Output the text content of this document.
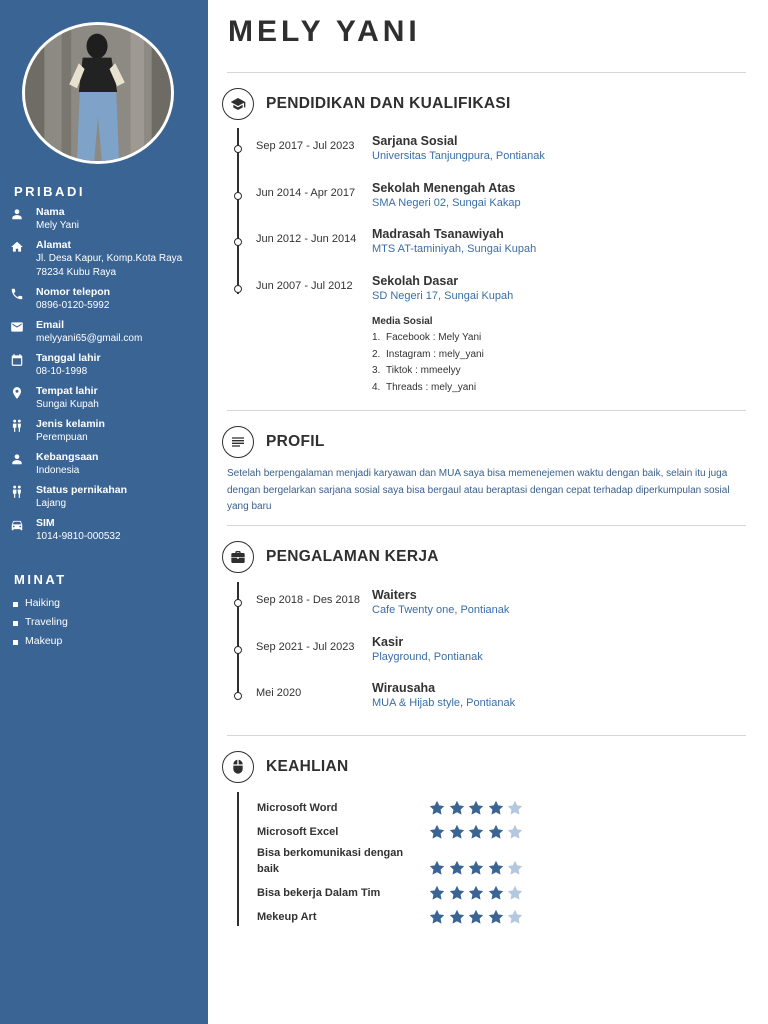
PRIBADI
Nama
Mely Yani
Alamat
Jl. Desa Kapur, Komp.Kota Raya 78234 Kubu Raya
Nomor telepon
0896-0120-5992
Email
melyyani65@gmail.com
Tanggal lahir
08-10-1998
Tempat lahir
Sungai Kupah
Jenis kelamin
Perempuan
Kebangsaan
Indonesia
Status pernikahan
Lajang
SIM
1014-9810-000532
MINAT
Haiking
Traveling
Makeup
MELY YANI
PENDIDIKAN DAN KUALIFIKASI
Sep 2017 - Jul 2023 Sarjana Sosial
Universitas Tanjungpura, Pontianak
Jun 2014 - Apr 2017 Sekolah Menengah Atas
SMA Negeri 02, Sungai Kakap
Jun 2012 - Jun 2014 Madrasah Tsanawiyah
MTS AT-taminiyah, Sungai Kupah
Jun 2007 - Jul 2012 Sekolah Dasar
SD Negeri 17, Sungai Kupah
Media Sosial
1. Facebook : Mely Yani
2. Instagram : mely_yani
3. Tiktok : mmeelyy
4. Threads : mely_yani
PROFIL
Setelah berpengalaman menjadi karyawan dan MUA saya bisa memenejemen waktu dengan baik, selain itu juga dengan bergelarkan sarjana sosial saya bisa bergaul atau beraptasi dengan cepat terhadap diperkumpulan sosial yang baru
PENGALAMAN KERJA
Sep 2018 - Des 2018 Waiters
Cafe Twenty one, Pontianak
Sep 2021 - Jul 2023 Kasir
Playground, Pontianak
Mei 2020	Wirausaha
MUA & Hijab style, Pontianak
KEAHLIAN
Microsoft Word
Microsoft Excel
Bisa berkomunikasi dengan baik
Bisa bekerja Dalam Tim
Mekeup Art
